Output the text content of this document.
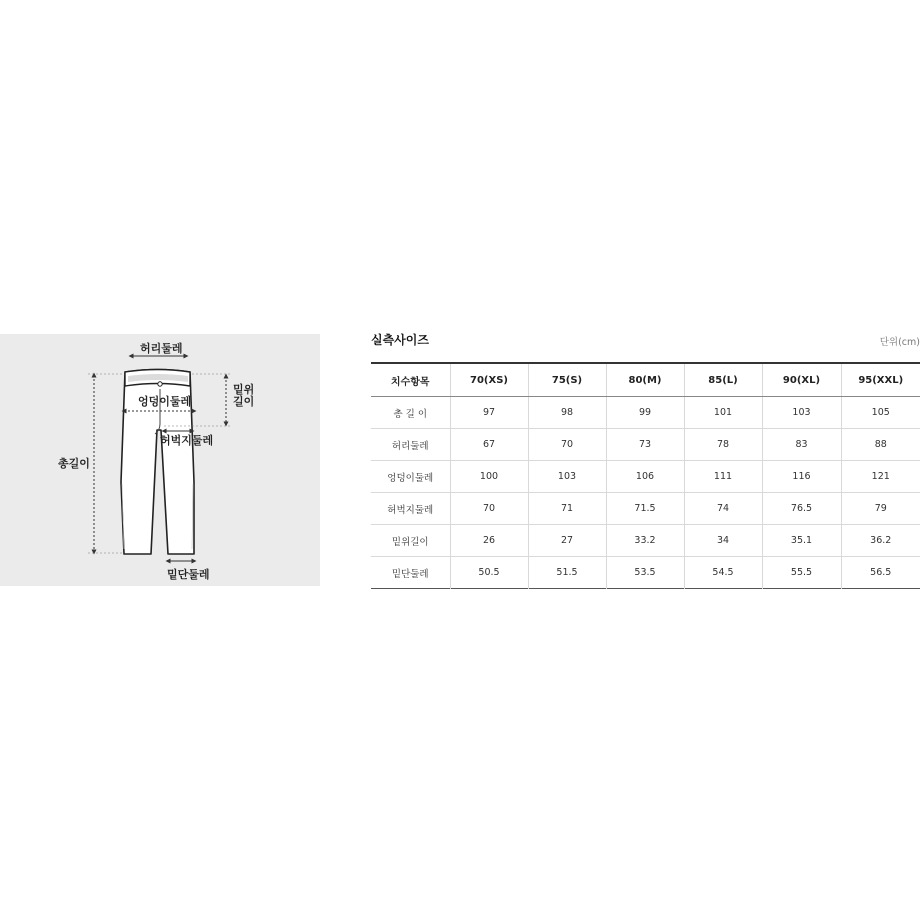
허리둘레
밑위
길이
엉덩이둘레
총길이
허벅지둘레
밑단둘레
실측사이즈	단위(cm)
치수항목	70(XS)	75(S)	80(M)	85(L)	90(XL)	95(XXL)
총 길 이	97	98	99	101	103	105
허리둘레	67	70	73	78	83	88
엉덩이둘레	100	103	106	111	116	121
허벅지둘레	70	71	71.5	74	76.5	79
밑위길이	26	27	33.2	34	35.1	36.2
밑단둘레	50.5	51.5	53.5	54.5	55.5	56.5
